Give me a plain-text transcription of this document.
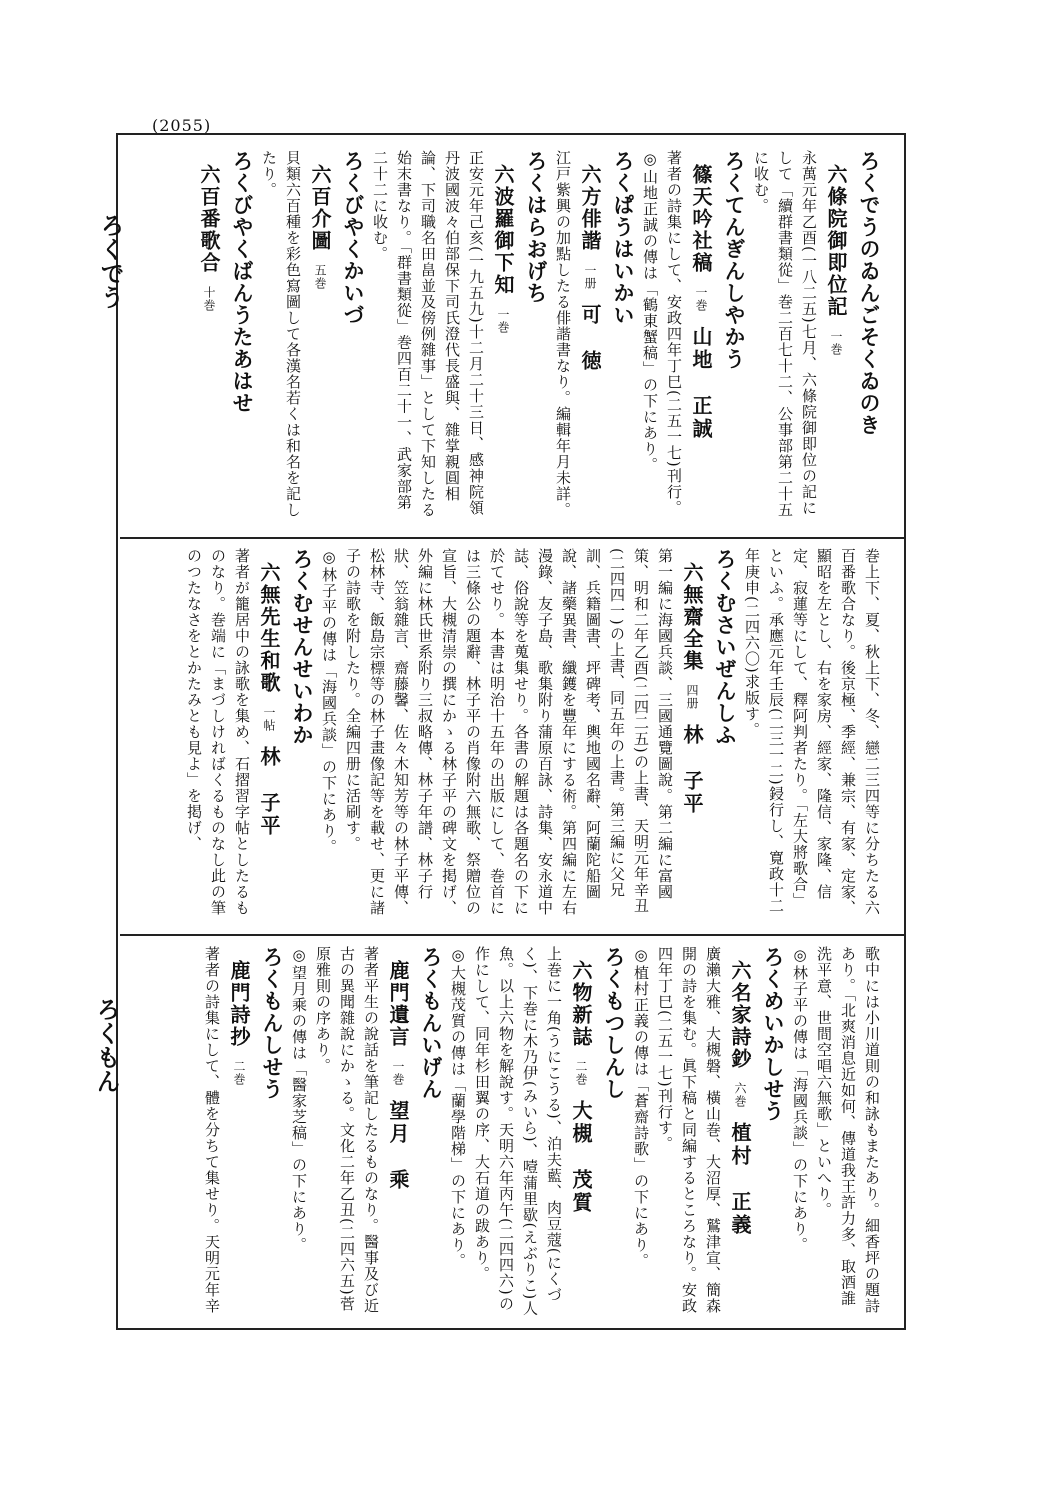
(2055)
ろくでう
ろくもん
ろくでうのゐんごそくゐのき
六條院御即位記一巻
永萬元年乙酉(一八二五)七月、六條院御即位の記にして「續群書類從」巻二百七十二、公事部第二十五に收む。
ろくてんぎんしやかう
篠天吟社稿一巻山地　正誠
著者の詩集にして、安政四年丁巳(二五一七)刊行。
◎山地正誠の傳は「鶴東蟹稿」の下にあり。
ろくぱうはいかい
六方俳諧一册可　徳
江戸紫興の加點したる俳諧書なり。編輯年月未詳。
ろくはらおげち
六波羅御下知一巻
正安元年己亥(一九五九)十二月二十三日、感神院領丹波國波々伯部保下司氏澄代長盛與、雜掌親圓相論、下司職名田畠並及傍例雜事」として下知したる始末書なり。「群書類從」巻四百二十一、武家部第二十二に收む。
ろくびやくかいづ
六百介圖五巻
貝類六百種を彩色寫圖して各漢名若くは和名を記したり。
ろくびやくばんうたあはせ
六百番歌合十巻
巻上下、夏、秋上下、冬、戀二三四等に分ちたる六百番歌合なり。後京極、季經、兼宗、有家、定家、顯昭を左とし、右を家房、經家、隆信、家隆、信定、寂蓮等にして、釋阿判者たり。「左大將歌合」といふ。承應元年壬辰(二三一二)鋟行し、寛政十二年庚申(二四六〇)求版す。
ろくむさいぜんしふ
六無齋全集四册林　子平
第一編に海國兵談、三國通覽圖說。第二編に富國策、明和二年乙酉(二四二五)の上書、天明元年辛丑(二四四一)の上書、同五年の上書。第三編に父兄訓、兵籍圖書、坪碑考、輿地國名辭、阿蘭陀船圖說、諸藥異書、纖鑊を豐年にする術。第四編に左右漫錄、友子島、歌集附り蒲原百詠、詩集、安永道中誌、俗說等を蒐集せり。各書の解題は各題名の下に於てせり。本書は明治十五年の出版にして、巻首には三條公の題辭、林子平の肖像附六無歌、祭贈位の宣旨、大槻清崇の撰にかゝる林子平の碑文を掲げ、外編に林氏世系附り三叔略傳、林子年譜、林子行狀、笠翁雜言、齋藤馨、佐々木知芳等の林子平傳、松林寺、飯島宗標等の林子畫像記等を載せ、更に諸子の詩歌を附したり。全編四册に活刷す。
◎林子平の傳は「海國兵談」の下にあり。
ろくむせんせいわか
六無先生和歌一帖林　子平
著者が籠居中の詠歌を集め、石摺習字帖としたるものなり。巻端に「まづしければくるものなし此の筆のつたなさをとかたみとも見よ」を掲げ、
歌中には小川道則の和詠もまたあり。細香坪の題詩あり。「北爽消息近如何、傳道我王許力多、取酒誰洗平意、世間空唱六無歌」といへり。
◎林子平の傳は「海國兵談」の下にあり。
ろくめいかしせう
六名家詩鈔六巻植村　正義
廣瀨大雅、大槻磐、橫山巻、大沼厚、鷲津宣、簡森開の詩を集む。眞下稿と同編するところなり。安政四年丁巳(二五一七)刊行す。
◎植村正義の傳は「蒼齋詩歌」の下にあり。
ろくもつしんし
六物新誌二巻大槻　茂質
上巻に一角(うにこうる)、泊夫藍、肉豆蔻(にくづく)、下巻に木乃伊(みいら)、噎蒲里歇(えぶりこ)人魚。以上六物を解說す。天明六年丙午(二四四六)の作にして、同年杉田翼の序、大石道の跋あり。
◎大槻茂質の傳は「蘭學階梯」の下にあり。
ろくもんいげん
鹿門遺言一巻望月　乘
著者平生の說話を筆記したるものなり。醫事及び近古の異聞雜說にかゝる。文化二年乙丑(二四六五)菅原雅則の序あり。
◎望月乘の傳は「醫家芝稿」の下にあり。
ろくもんしせう
鹿門詩抄二巻
著者の詩集にして、體を分ちて集せり。天明元年辛
